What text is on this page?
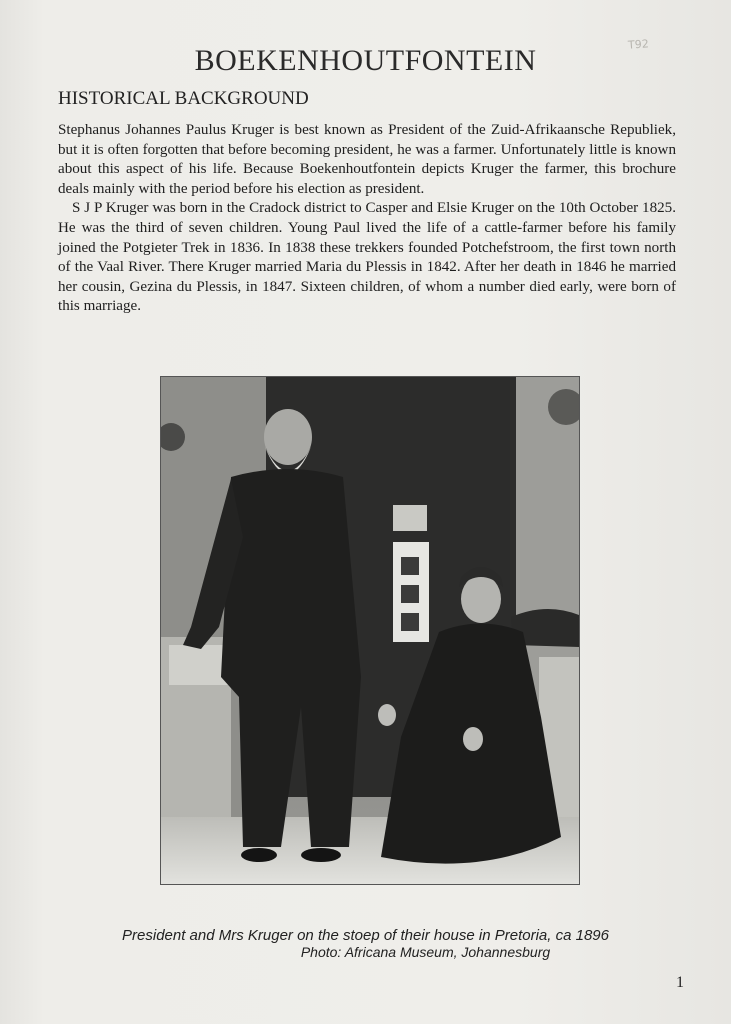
BOEKENHOUTFONTEIN	T92
HISTORICAL BACKGROUND

Stephanus Johannes Paulus Kruger is best known as President of the Zuid-Afrikaansche Republiek, but it is often forgotten that before becoming president, he was a farmer. Unfortunately little is known about this aspect of his life. Because Boekenhoutfontein depicts Kruger the farmer, this brochure deals mainly with the period before his election as president.

S J P Kruger was born in the Cradock district to Casper and Elsie Kruger on the 10th October 1825. He was the third of seven children. Young Paul lived the life of a cattle-farmer before his family joined the Potgieter Trek in 1836. In 1838 these trekkers founded Potchefstroom, the first town north of the Vaal River. There Kruger married Maria du Plessis in 1842. After her death in 1846 he married her cousin, Gezina du Plessis, in 1847. Sixteen children, of whom a number died early, were born of this marriage.

President and Mrs Kruger on the stoep of their house in Pretoria, ca 1896
Photo: Africana Museum, Johannesburg
1
